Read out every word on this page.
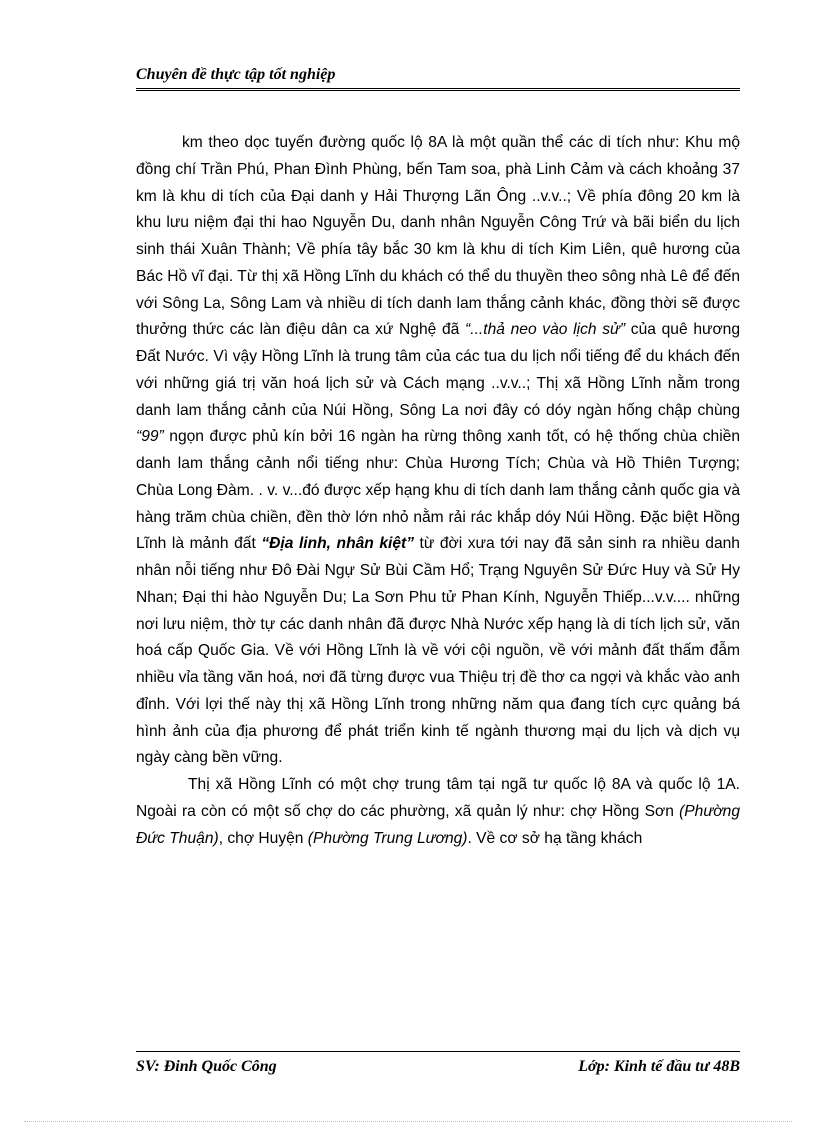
Chuyên đề thực tập tốt nghiệp

km theo dọc tuyến đường quốc lộ 8A là một quần thể các di tích như: Khu mộ đồng chí Trần Phú, Phan Đình Phùng, bến Tam soa, phà Linh Cảm và cách khoảng 37 km là khu di tích của Đại danh y Hải Thượng Lãn Ông ..v.v..; Về phía đông 20 km là khu lưu niệm đại thi hao Nguyễn Du, danh nhân Nguyễn Công Trứ và bãi biển du lịch sinh thái Xuân Thành; Về phía tây bắc 30 km là khu di tích Kim Liên, quê hương của Bác Hồ vĩ đại. Từ thị xã Hồng Lĩnh du khách có thể du thuyền theo sông nhà Lê để đến với Sông La, Sông Lam và nhiều di tích danh lam thắng cảnh khác, đồng thời sẽ được thưởng thức các làn điệu dân ca xứ Nghệ đã “...thả neo vào lịch sử” của quê hương Đất Nước. Vì vậy Hồng Lĩnh là trung tâm của các tua du lịch nổi tiếng để du khách đến với những giá trị văn hoá lịch sử và Cách mạng ..v.v..; Thị xã Hồng Lĩnh nằm trong danh lam thắng cảnh của Núi Hồng, Sông La nơi đây có dóy ngàn hống chập chùng “99” ngọn được phủ kín bởi 16 ngàn ha rừng thông xanh tốt, có hệ thống chùa chiền danh lam thắng cảnh nổi tiếng như: Chùa Hương Tích; Chùa và Hồ Thiên Tượng; Chùa Long Đàm. . v. v...đó được xếp hạng khu di tích danh lam thắng cảnh quốc gia và hàng trăm chùa chiền, đền thờ lớn nhỏ nằm rải rác khắp dóy Núi Hồng. Đặc biệt Hồng Lĩnh là mảnh đất “Địa linh, nhân kiệt” từ đời xưa tới nay đã sản sinh ra nhiều danh nhân nỗi tiếng như Đô Đài Ngự Sử Bùi Cầm Hổ; Trạng Nguyên Sử Đức Huy và Sử Hy Nhan; Đại thi hào Nguyễn Du; La Sơn Phu tử Phan Kính, Nguyễn Thiếp...v.v.... những nơi lưu niệm, thờ tự các danh nhân đã được Nhà Nước xếp hạng là di tích lịch sử, văn hoá cấp Quốc Gia. Về với Hồng Lĩnh là về với cội nguồn, về với mảnh đất thấm đẫm nhiều vỉa tầng văn hoá, nơi đã từng được vua Thiệu trị đề thơ ca ngợi và khắc vào anh đỉnh. Với lợi thế này thị xã Hồng Lĩnh trong những năm qua đang tích cực quảng bá hình ảnh của địa phương để phát triển kinh tế ngành thương mại du lịch và dịch vụ ngày càng bền vững.

Thị xã Hồng Lĩnh có một chợ trung tâm tại ngã tư quốc lộ 8A và quốc lộ 1A. Ngoài ra còn có một số chợ do các phường, xã quản lý như: chợ Hồng Sơn (Phường Đức Thuận), chợ Huyện (Phường Trung Lương). Về cơ sở hạ tầng khách

SV: Đinh Quốc Công	Lớp: Kinh tế đầu tư 48B
